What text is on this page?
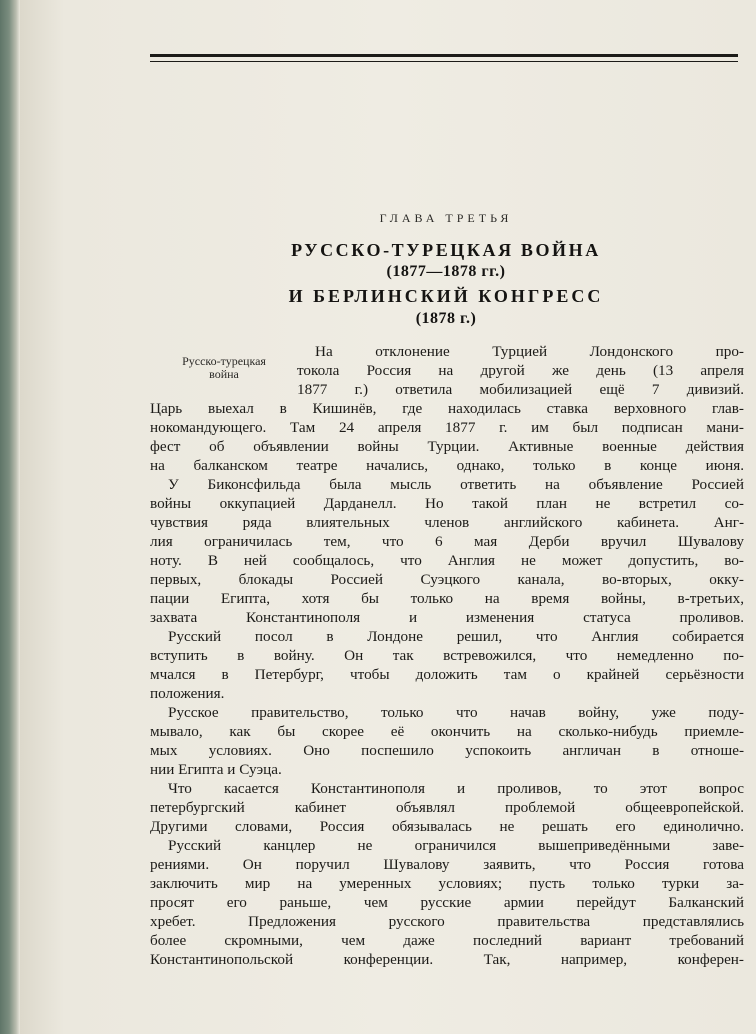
ГЛАВА ТРЕТЬЯ
РУССКО-ТУРЕЦКАЯ ВОЙНА
(1877—1878 гг.)
И БЕРЛИНСКИЙ КОНГРЕСС
(1878 г.)
Русско-турецкая
война
На отклонение Турцией Лондонского про-
токола Россия на другой же день (13 апреля
1877 г.) ответила мобилизацией ещё 7 дивизий.
Царь выехал в Кишинёв, где находилась ставка верховного глав-
нокомандующего. Там 24 апреля 1877 г. им был подписан мани-
фест об объявлении войны Турции. Активные военные действия
на балканском театре начались, однако, только в конце июня.
У Биконсфильда была мысль ответить на объявление Россией
войны оккупацией Дарданелл. Но такой план не встретил со-
чувствия ряда влиятельных членов английского кабинета. Анг-
лия ограничилась тем, что 6 мая Дерби вручил Шувалову
ноту. В ней сообщалось, что Англия не может допустить, во-
первых, блокады Россией Суэцкого канала, во-вторых, окку-
пации Египта, хотя бы только на время войны, в-третьих,
захвата Константинополя и изменения статуса проливов.
Русский посол в Лондоне решил, что Англия собирается
вступить в войну. Он так встревожился, что немедленно по-
мчался в Петербург, чтобы доложить там о крайней серьёзности
положения.
Русское правительство, только что начав войну, уже поду-
мывало, как бы скорее её окончить на сколько-нибудь приемле-
мых условиях. Оно поспешило успокоить англичан в отноше-
нии Египта и Суэца.
Что касается Константинополя и проливов, то этот вопрос
петербургский кабинет объявлял проблемой общеевропейской.
Другими словами, Россия обязывалась не решать его единолично.
Русский канцлер не ограничился вышеприведёнными заве-
рениями. Он поручил Шувалову заявить, что Россия готова
заключить мир на умеренных условиях; пусть только турки за-
просят его раньше, чем русские армии перейдут Балканский
хребет. Предложения русского правительства представлялись
более скромными, чем даже последний вариант требований
Константинопольской конференции. Так, например, конферен-
